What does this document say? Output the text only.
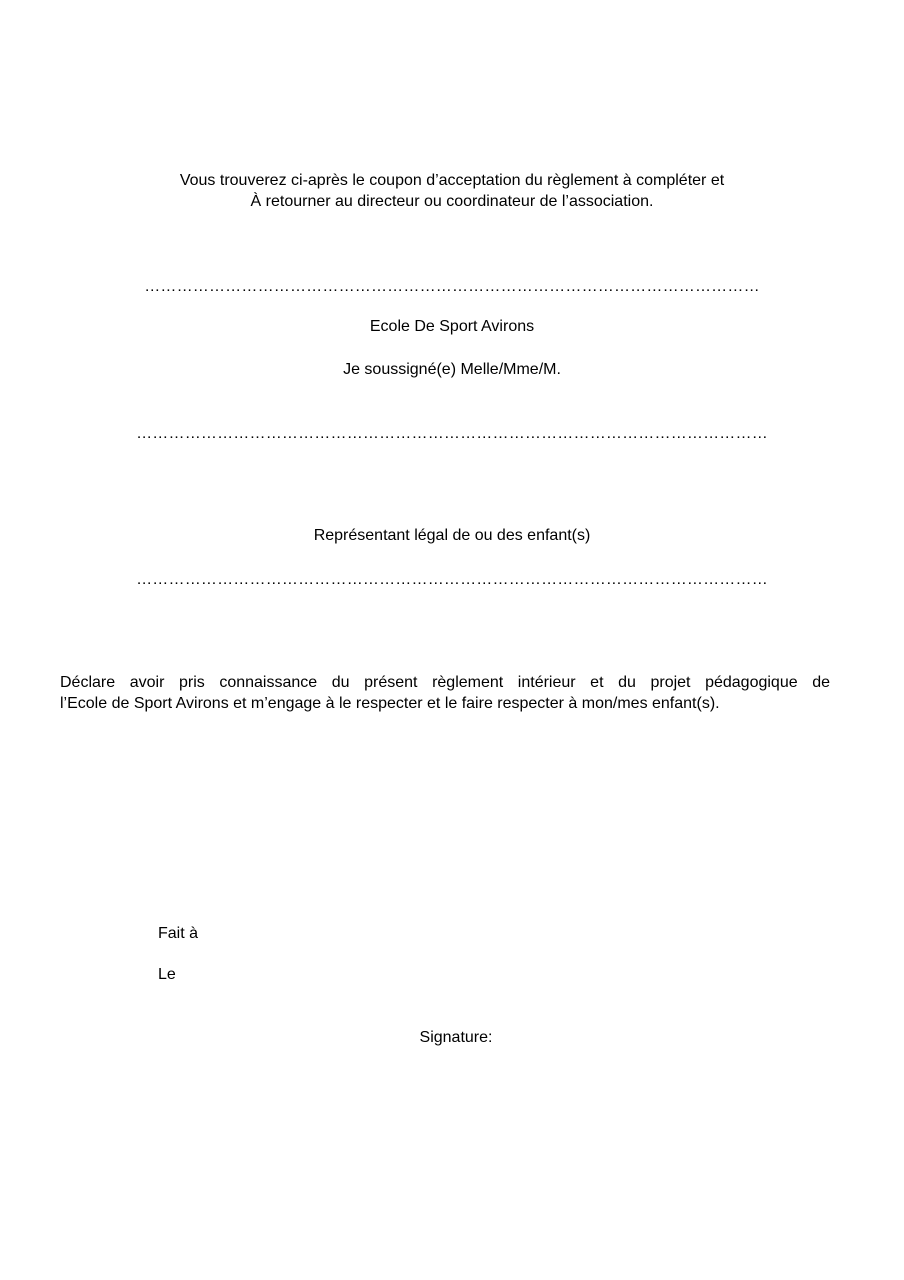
Vous trouverez ci-après le coupon d’acceptation du règlement à compléter et
À retourner au directeur ou coordinateur de l’association.
……………………………………………………………………………………………………
Ecole De Sport Avirons
Je soussigné(e) Melle/Mme/M.
………………………………………………………………………………………………………
Représentant légal de ou des enfant(s)
………………………………………………………………………………………………………
Déclare avoir pris connaissance du présent règlement intérieur et du projet pédagogique de
l’Ecole de Sport Avirons et m’engage à le respecter et le faire respecter à mon/mes enfant(s).
Fait à
Le
Signature:
